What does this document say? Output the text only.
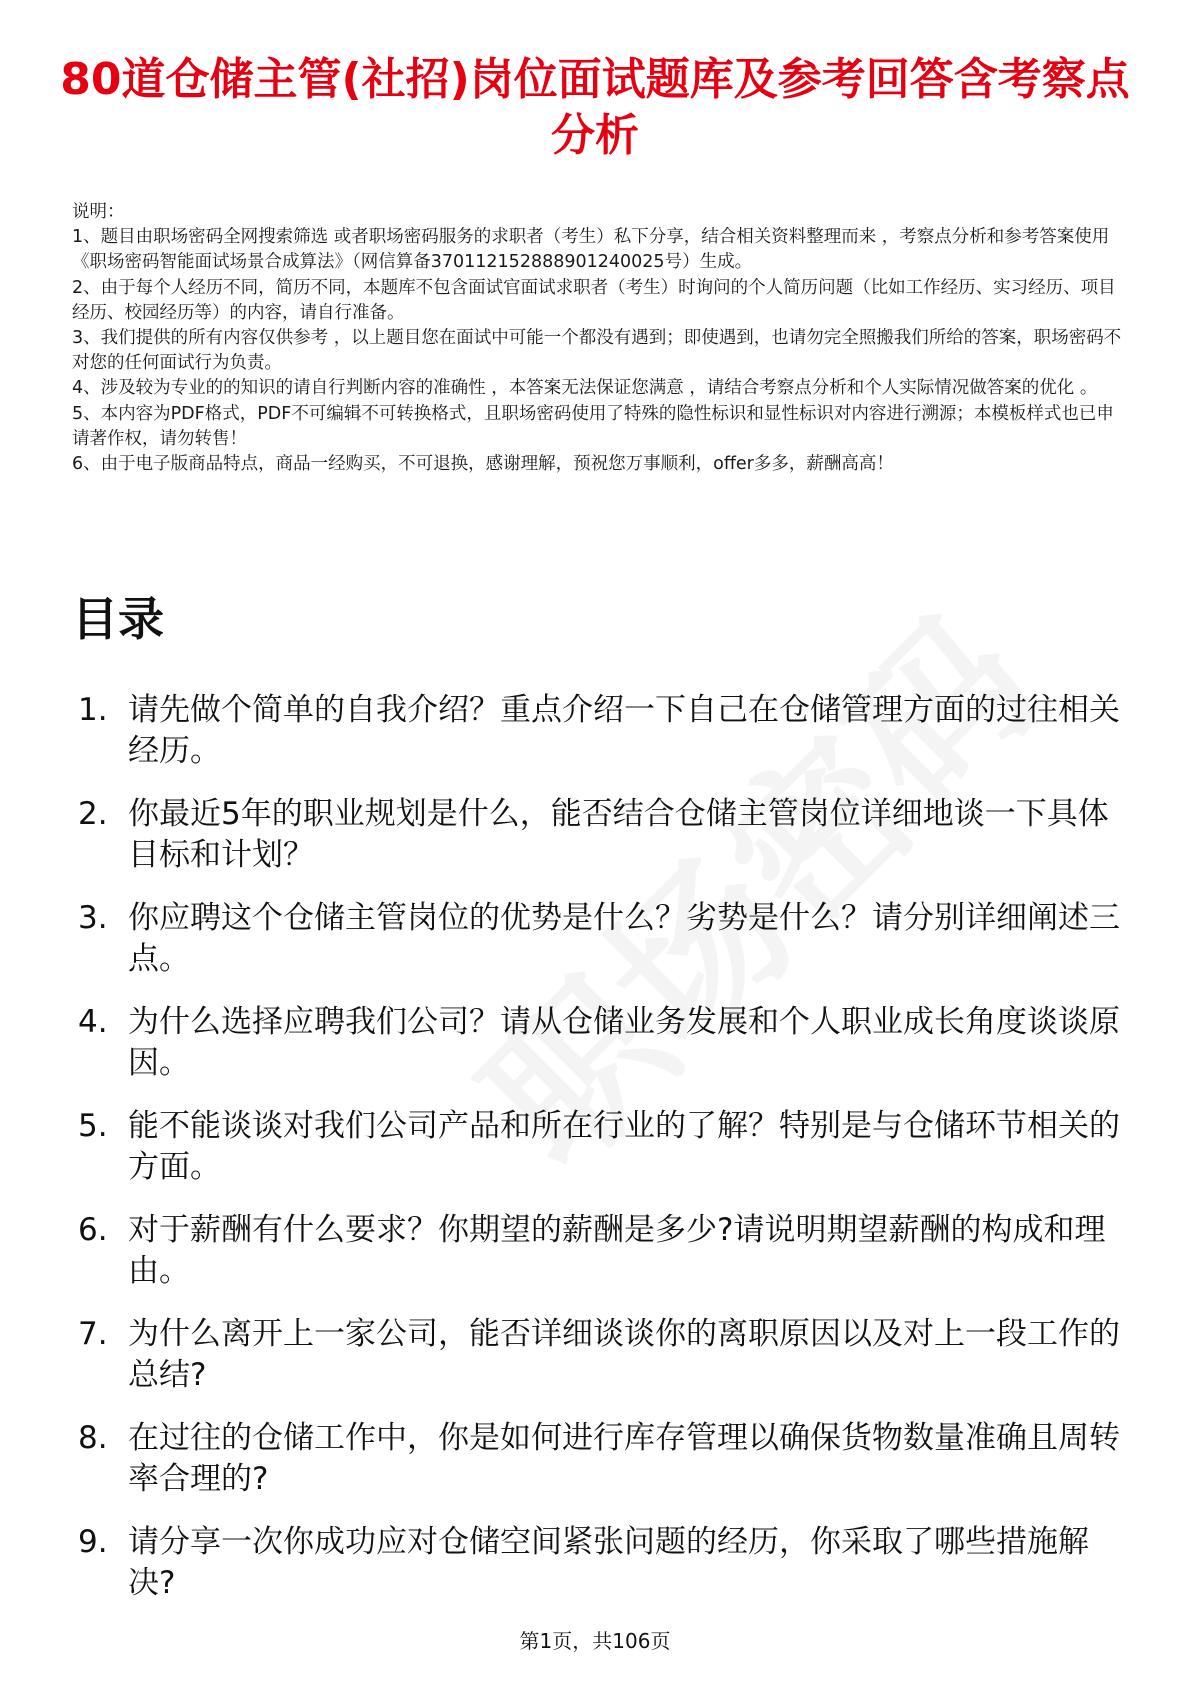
80道仓储主管(社招)岗位面试题库及参考回答含考察点分析

说明：

1、题目由职场密码全网搜索筛选 或者职场密码服务的求职者（考生）私下分享，结合相关资料整理而来 ，考察点分析和参考答案使用《职场密码智能面试场景合成算法》（网信算备370112152888901240025号）生成。

2、由于每个人经历不同，简历不同，本题库不包含面试官面试求职者（考生）时询问的个人简历问题（比如工作经历、实习经历、项目经历、校园经历等）的内容，请自行准备。

3、我们提供的所有内容仅供参考 ，以上题目您在面试中可能一个都没有遇到；即使遇到，也请勿完全照搬我们所给的答案，职场密码不对您的任何面试行为负责。

4、涉及较为专业的的知识的请自行判断内容的准确性 ，本答案无法保证您满意 ，请结合考察点分析和个人实际情况做答案的优化 。

5、本内容为PDF格式，PDF不可编辑不可转换格式，且职场密码使用了特殊的隐性标识和显性标识对内容进行溯源；本模板样式也已申请著作权，请勿转售！

6、由于电子版商品特点，商品一经购买，不可退换，感谢理解，预祝您万事顺利，offer多多，薪酬高高！

目录
1. 请先做个简单的自我介绍？重点介绍一下自己在仓储管理方面的过往相关经历。
2. 你最近5年的职业规划是什么，能否结合仓储主管岗位详细地谈一下具体目标和计划？
3. 你应聘这个仓储主管岗位的优势是什么？劣势是什么？请分别详细阐述三点。
4. 为什么选择应聘我们公司？请从仓储业务发展和个人职业成长角度谈谈原因。
5. 能不能谈谈对我们公司产品和所在行业的了解？特别是与仓储环节相关的方面。
6. 对于薪酬有什么要求？你期望的薪酬是多少?请说明期望薪酬的构成和理由。
7. 为什么离开上一家公司，能否详细谈谈你的离职原因以及对上一段工作的总结?
8. 在过往的仓储工作中，你是如何进行库存管理以确保货物数量准确且周转率合理的?
9. 请分享一次你成功应对仓储空间紧张问题的经历，你采取了哪些措施解决?
第1页，共106页
